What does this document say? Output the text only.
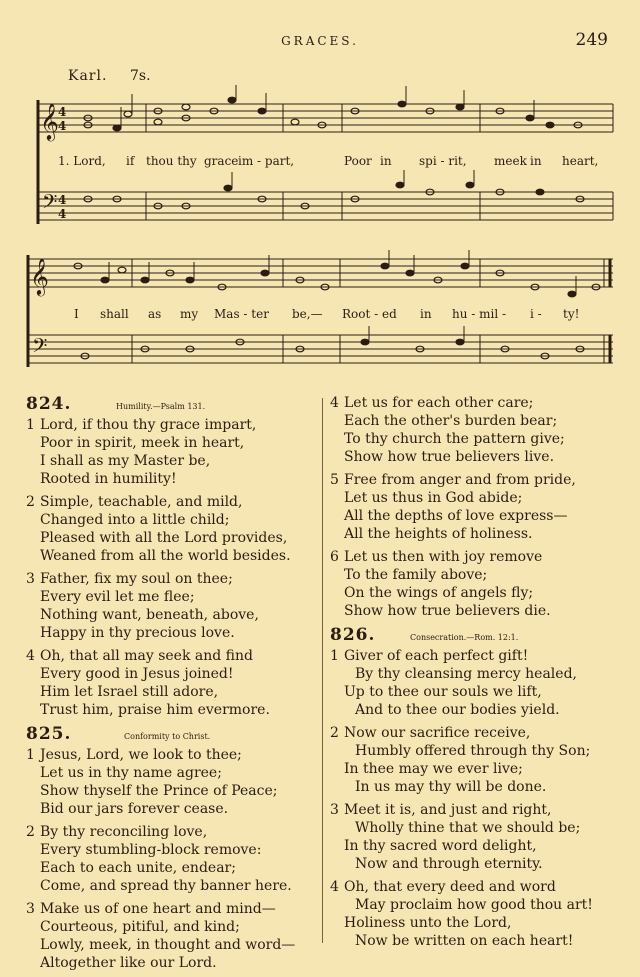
GRACES.	249
Karl. 7s.
𝄞
𝄢
4
4
4
4
𝄞
𝄢
1. Lord, if thou thy grace im - part,	Poor in spi - rit, meek in heart,
I shall as my Mas - ter be,— Root - ed in hu - mil - i - ty!
824.	Humility.—Psalm 131.
1 Lord, if thou thy grace impart,
Poor in spirit, meek in heart,
I shall as my Master be,
Rooted in humility!
2 Simple, teachable, and mild,
Changed into a little child;
Pleased with all the Lord provides,
Weaned from all the world besides.
3 Father, fix my soul on thee;
Every evil let me flee;
Nothing want, beneath, above,
Happy in thy precious love.
4 Oh, that all may seek and find
Every good in Jesus joined!
Him let Israel still adore,
Trust him, praise him evermore.
825.	Conformity to Christ.
1 Jesus, Lord, we look to thee;
Let us in thy name agree;
Show thyself the Prince of Peace;
Bid our jars forever cease.
2 By thy reconciling love,
Every stumbling-block remove:
Each to each unite, endear;
Come, and spread thy banner here.
3 Make us of one heart and mind—
Courteous, pitiful, and kind;
Lowly, meek, in thought and word—
Altogether like our Lord.
4 Let us for each other care;
Each the other's burden bear;
To thy church the pattern give;
Show how true believers live.
5 Free from anger and from pride,
Let us thus in God abide;
All the depths of love express—
All the heights of holiness.
6 Let us then with joy remove
To the family above;
On the wings of angels fly;
Show how true believers die.
826.	Consecration.—Rom. 12:1.
1 Giver of each perfect gift!
By thy cleansing mercy healed,
Up to thee our souls we lift,
And to thee our bodies yield.
2 Now our sacrifice receive,
Humbly offered through thy Son;
In thee may we ever live;
In us may thy will be done.
3 Meet it is, and just and right,
Wholly thine that we should be;
In thy sacred word delight,
Now and through eternity.
4 Oh, that every deed and word
May proclaim how good thou art!
Holiness unto the Lord,
Now be written on each heart!
